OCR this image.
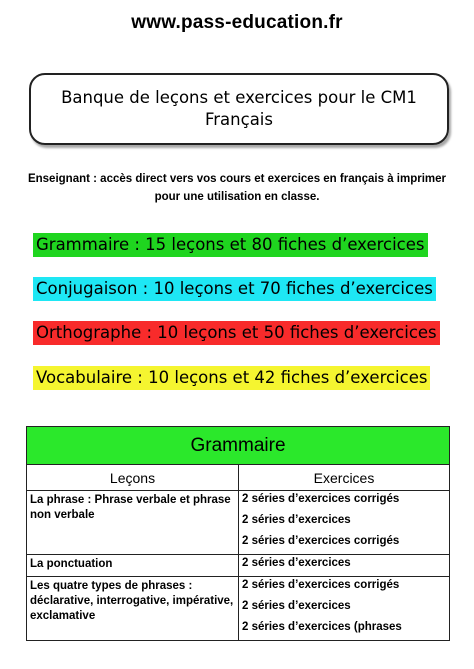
www.pass-education.fr
Banque de leçons et exercices pour le CM1
Français
Enseignant : accès direct vers vos cours et exercices en français à imprimer pour une utilisation en classe.
Grammaire : 15 leçons et 80 fiches d’exercices
Conjugaison : 10 leçons et 70 fiches d’exercices
Orthographe : 10 leçons et 50 fiches d’exercices
Vocabulaire : 10 leçons et 42 fiches d’exercices
Grammaire	
Leçons	Exercices
La phrase : Phrase verbale et phrase non verbale	2 séries d’exercices corrigés
2 séries d’exercices
2 séries d’exercices corrigés

La ponctuation	2 séries d’exercices

Les quatre types de phrases : déclarative, interrogative, impérative, exclamative	2 séries d’exercices corrigés
2 séries d’exercices
2 séries d’exercices (phrases
